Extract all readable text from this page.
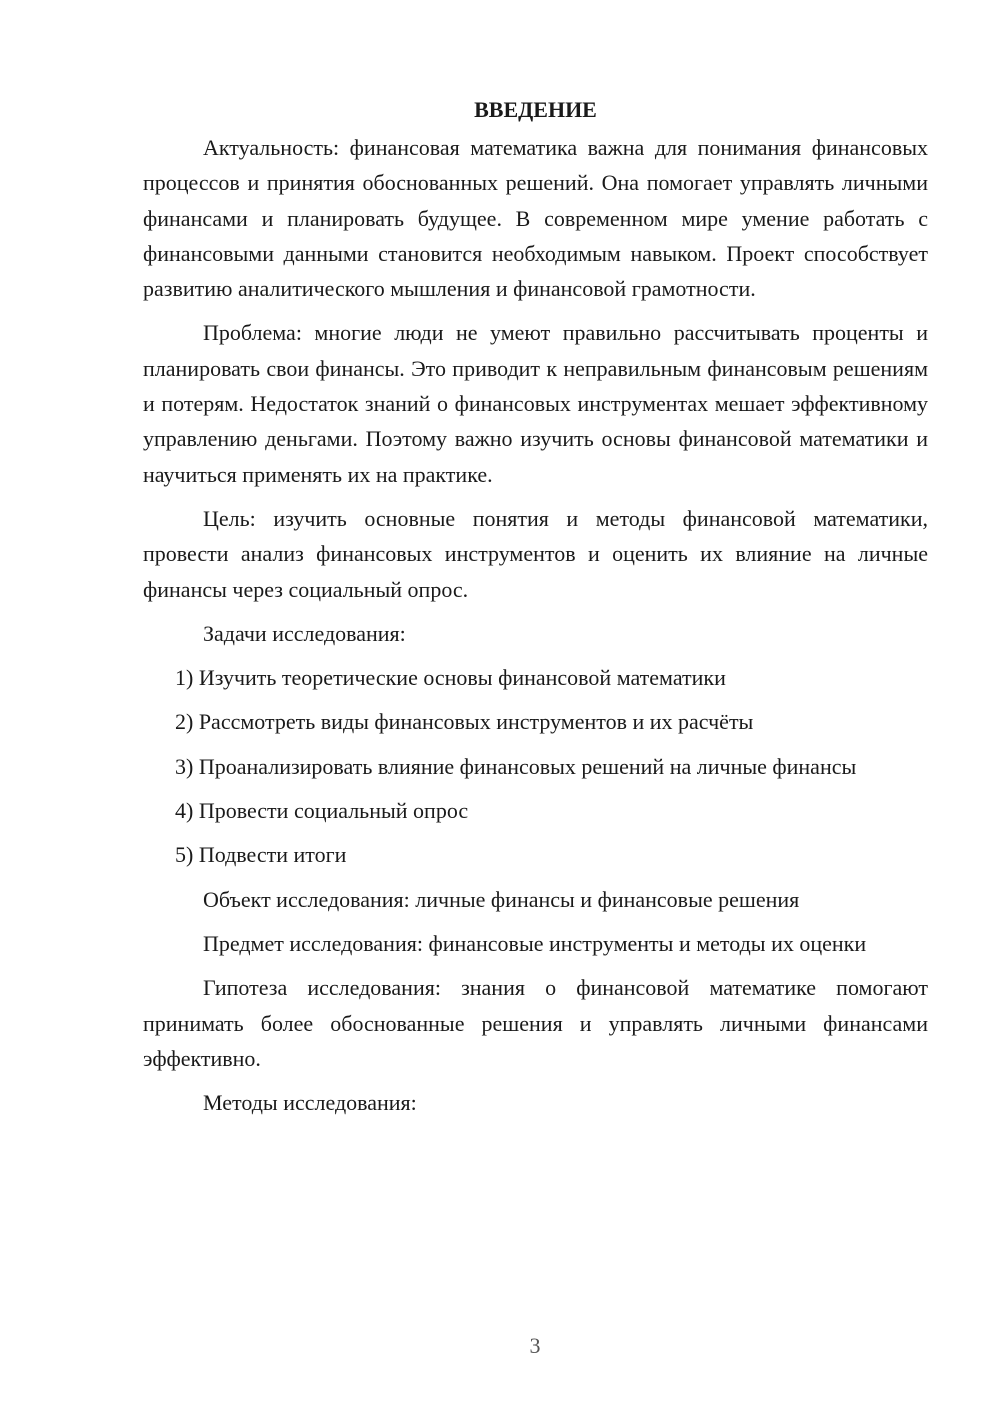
ВВЕДЕНИЕ

Актуальность: финансовая математика важна для понимания финансовых процессов и принятия обоснованных решений. Она помогает управлять личными финансами и планировать будущее. В современном мире умение работать с финансовыми данными становится необходимым навыком. Проект способствует развитию аналитического мышления и финансовой грамотности.

Проблема: многие люди не умеют правильно рассчитывать проценты и планировать свои финансы. Это приводит к неправильным финансовым решениям и потерям. Недостаток знаний о финансовых инструментах мешает эффективному управлению деньгами. Поэтому важно изучить основы финансовой математики и научиться применять их на практике.

Цель: изучить основные понятия и методы финансовой математики, провести анализ финансовых инструментов и оценить их влияние на личные финансы через социальный опрос.

Задачи исследования:

1) Изучить теоретические основы финансовой математики

2) Рассмотреть виды финансовых инструментов и их расчёты

3) Проанализировать влияние финансовых решений на личные финансы

4) Провести социальный опрос

5) Подвести итоги

Объект исследования: личные финансы и финансовые решения

Предмет исследования: финансовые инструменты и методы их оценки

Гипотеза исследования: знания о финансовой математике помогают принимать более обоснованные решения и управлять личными финансами эффективно.

Методы исследования:

3
